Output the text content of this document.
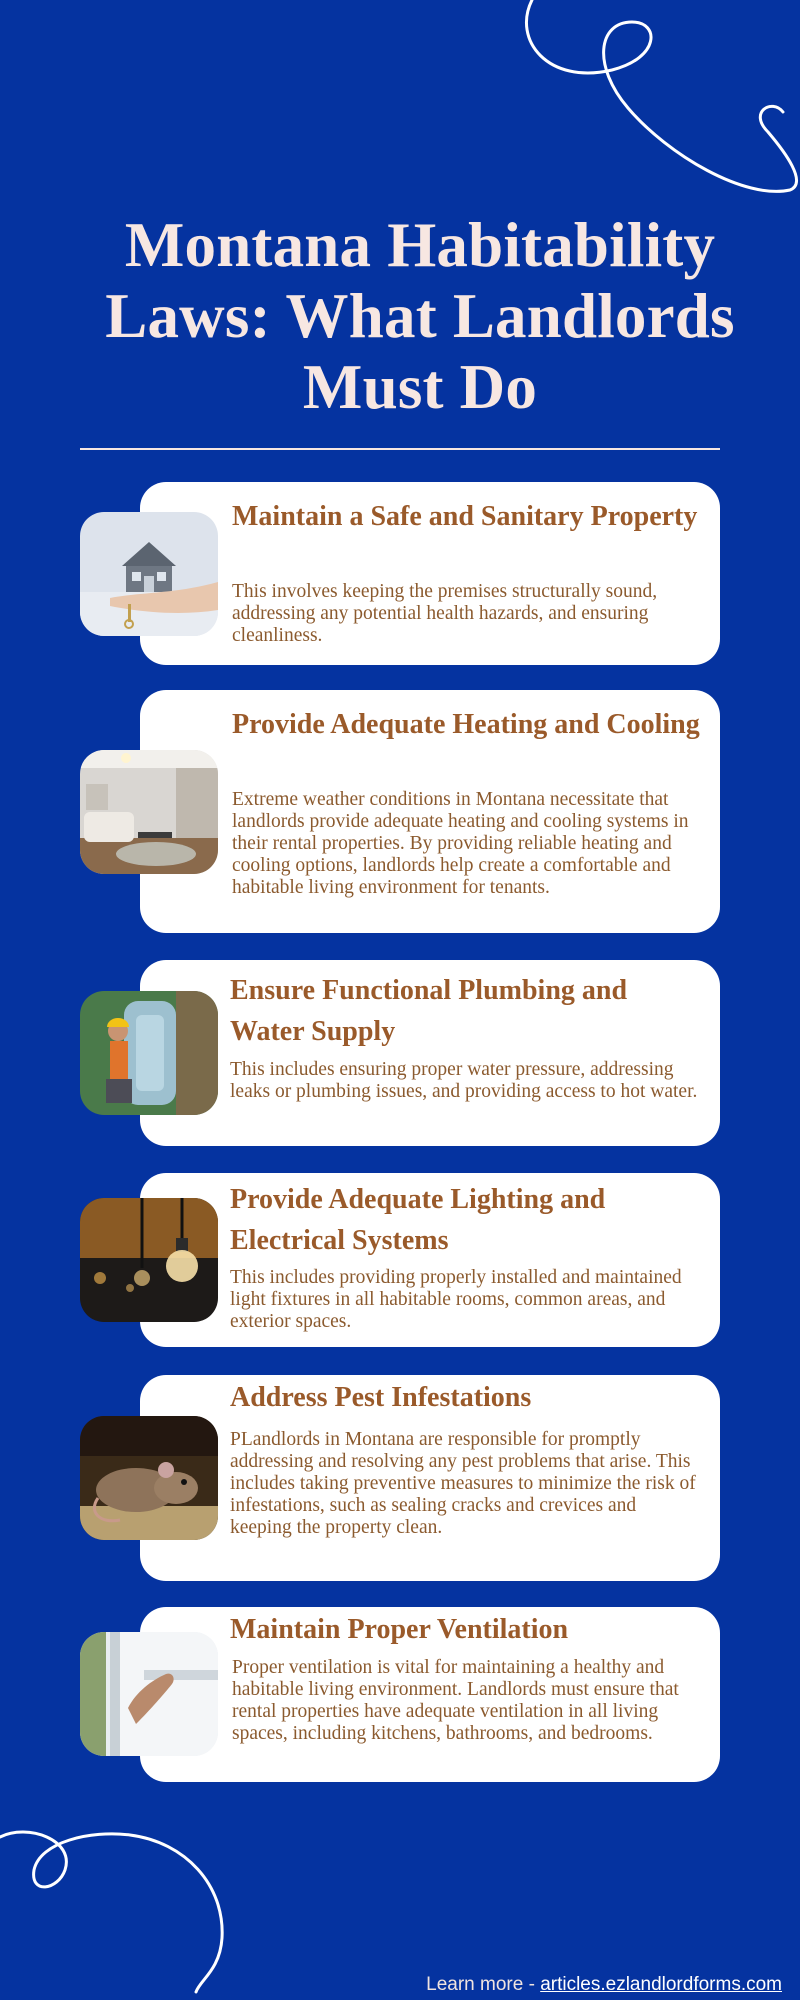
Montana Habitability Laws: What Landlords Must Do
Maintain a Safe and Sanitary Property

This involves keeping the premises structurally sound, addressing any potential health hazards, and ensuring cleanliness.

Provide Adequate Heating and Cooling

Extreme weather conditions in Montana necessitate that landlords provide adequate heating and cooling systems in their rental properties. By providing reliable heating and cooling options, landlords help create a comfortable and habitable living environment for tenants.

Ensure Functional Plumbing and Water Supply

This includes ensuring proper water pressure, addressing leaks or plumbing issues, and providing access to hot water.

Provide Adequate Lighting and Electrical Systems

This includes providing properly installed and maintained light fixtures in all habitable rooms, common areas, and exterior spaces.

Address Pest Infestations

PLandlords in Montana are responsible for promptly addressing and resolving any pest problems that arise. This includes taking preventive measures to minimize the risk of infestations, such as sealing cracks and crevices and keeping the property clean.

Maintain Proper Ventilation

Proper ventilation is vital for maintaining a healthy and habitable living environment. Landlords must ensure that rental properties have adequate ventilation in all living spaces, including kitchens, bathrooms, and bedrooms.

Learn more - articles.ezlandlordforms.com
